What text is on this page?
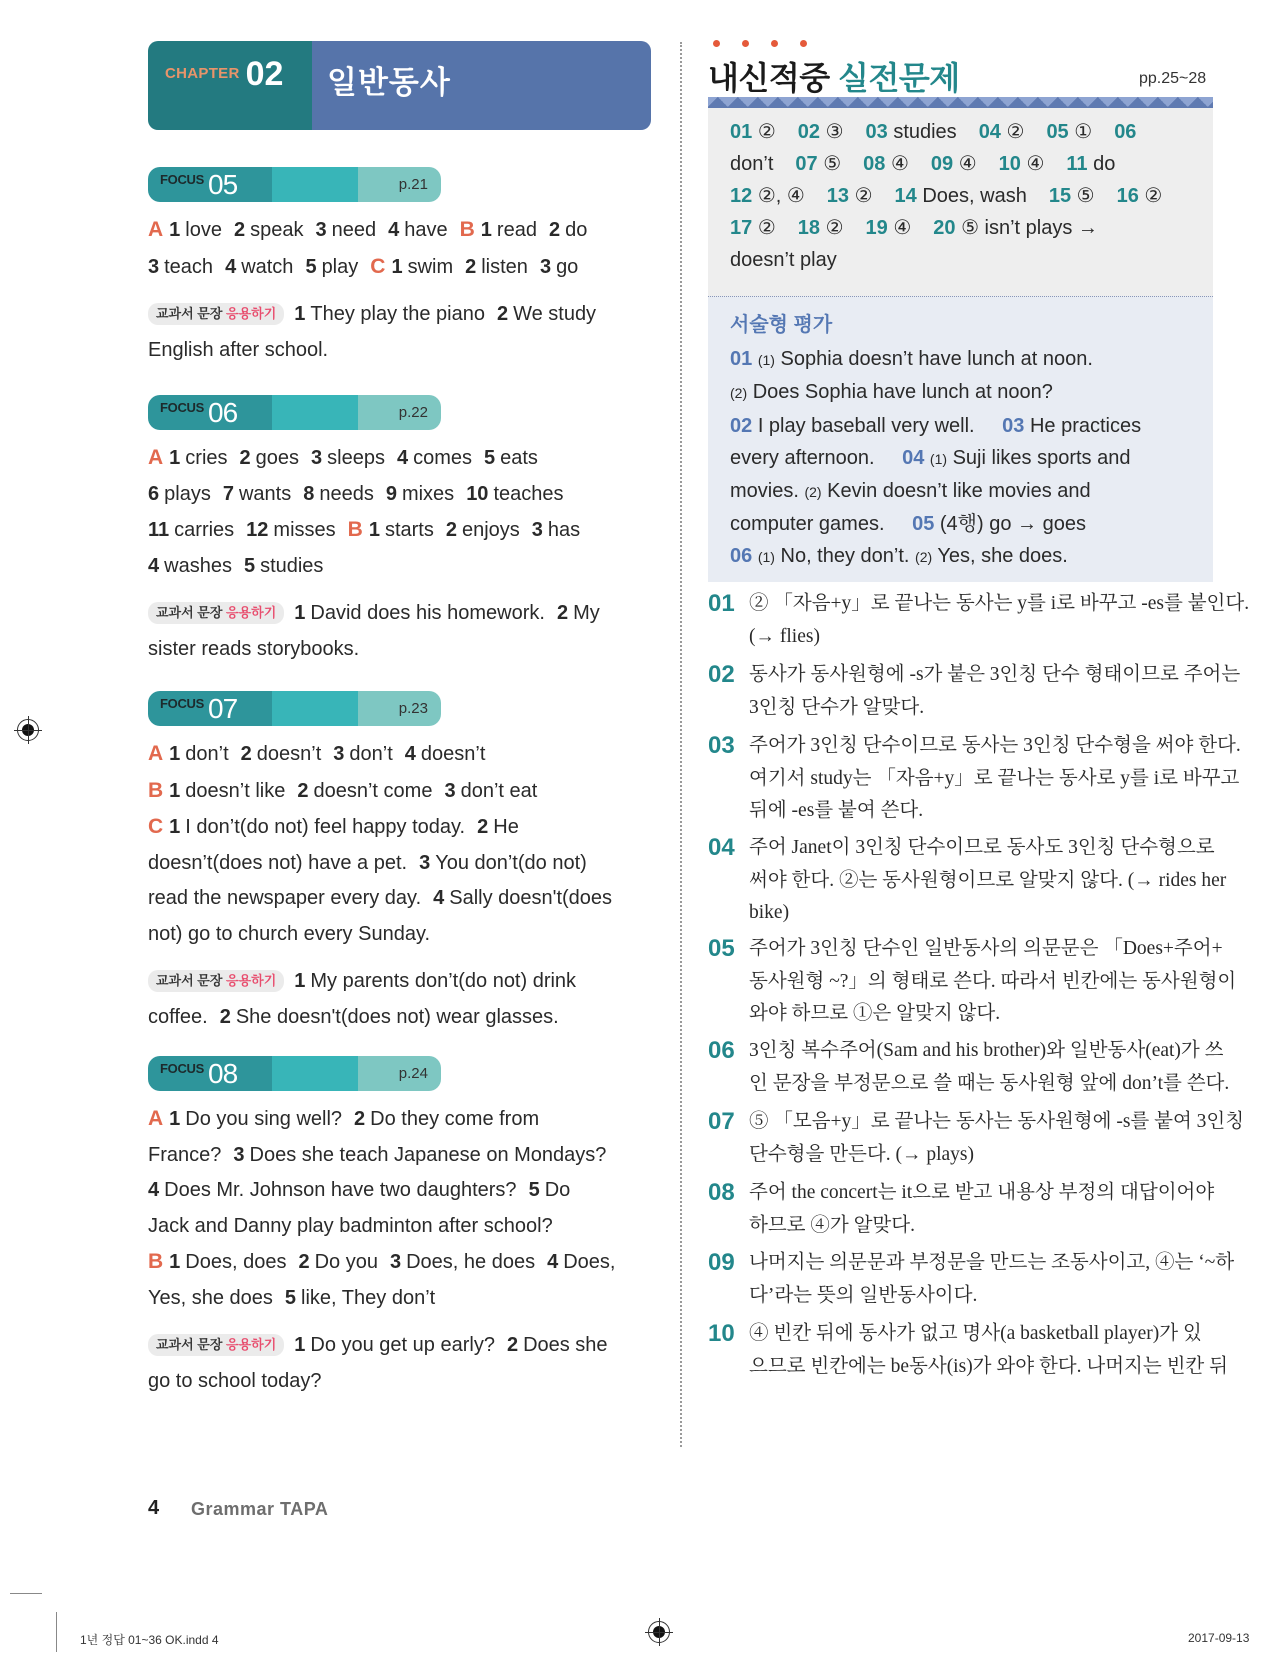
CHAPTER 02	일반동사
FOCUS 05	p.21
A 1 love 2 speak 3 need 4 have B 1 read 2 do
3 teach 4 watch 5 play C 1 swim 2 listen 3 go
교과서 문장 응용하기 1 They play the piano 2 We study
English after school.
FOCUS 06	p.22
A 1 cries 2 goes 3 sleeps 4 comes 5 eats
6 plays 7 wants 8 needs 9 mixes 10 teaches
11 carries 12 misses B 1 starts 2 enjoys 3 has
4 washes 5 studies
교과서 문장 응용하기 1 David does his homework. 2 My
sister reads storybooks.
FOCUS 07	p.23
A 1 don’t 2 doesn’t 3 don’t 4 doesn’t
B 1 doesn’t like 2 doesn’t come 3 don’t eat
C 1 I don’t(do not) feel happy today. 2 He
doesn’t(does not) have a pet. 3 You don’t(do not)
read the newspaper every day. 4 Sally doesn't(does
not) go to church every Sunday.
교과서 문장 응용하기 1 My parents don’t(do not) drink
coffee. 2 She doesn't(does not) wear glasses.
FOCUS 08	p.24
A 1 Do you sing well? 2 Do they come from
France? 3 Does she teach Japanese on Mondays?
4 Does Mr. Johnson have two daughters? 5 Do
Jack and Danny play badminton after school?
B 1 Does, does 2 Do you 3 Does, he does 4 Does,
Yes, she does 5 like, They don’t
교과서 문장 응용하기 1 Do you get up early? 2 Does she
go to school today?
4 Grammar TAPA
내신적중 실전문제	pp.25~28
01 ② 02 ③ 03 studies 04 ② 05 ① 06
don’t 07 ⑤ 08 ④ 09 ④ 10 ④ 11 do
12 ②, ④ 13 ② 14 Does, wash 15 ⑤ 16 ②
17 ② 18 ② 19 ④ 20 ⑤ isn’t plays →
doesn’t play
서술형 평가
01 (1) Sophia doesn’t have lunch at noon.
(2) Does Sophia have lunch at noon?
02 I play baseball very well. 03 He practices
every afternoon. 04 (1) Suji likes sports and
movies. (2) Kevin doesn’t like movies and
computer games. 05 (4행) go → goes
06 (1) No, they don’t. (2) Yes, she does.
01 ② 「자음+y」로 끝나는 동사는 y를 i로 바꾸고 -es를 붙인다.
(→ flies)
02 동사가 동사원형에 -s가 붙은 3인칭 단수 형태이므로 주어는
3인칭 단수가 알맞다.
03 주어가 3인칭 단수이므로 동사는 3인칭 단수형을 써야 한다.
여기서 study는 「자음+y」로 끝나는 동사로 y를 i로 바꾸고
뒤에 -es를 붙여 쓴다.
04 주어 Janet이 3인칭 단수이므로 동사도 3인칭 단수형으로
써야 한다. ②는 동사원형이므로 알맞지 않다. (→ rides her
bike)
05 주어가 3인칭 단수인 일반동사의 의문문은 「Does+주어+
동사원형 ~?」의 형태로 쓴다. 따라서 빈칸에는 동사원형이
와야 하므로 ①은 알맞지 않다.
06 3인칭 복수주어(Sam and his brother)와 일반동사(eat)가 쓰
인 문장을 부정문으로 쓸 때는 동사원형 앞에 don’t를 쓴다.
07 ⑤ 「모음+y」로 끝나는 동사는 동사원형에 -s를 붙여 3인칭
단수형을 만든다. (→ plays)
08 주어 the concert는 it으로 받고 내용상 부정의 대답이어야
하므로 ④가 알맞다.
09 나머지는 의문문과 부정문을 만드는 조동사이고, ④는 ‘~하
다’라는 뜻의 일반동사이다.
10 ④ 빈칸 뒤에 동사가 없고 명사(a basketball player)가 있
으므로 빈칸에는 be동사(is)가 와야 한다. 나머지는 빈칸 뒤
1년 정답 01~36 OK.indd 4	2017-09-13
